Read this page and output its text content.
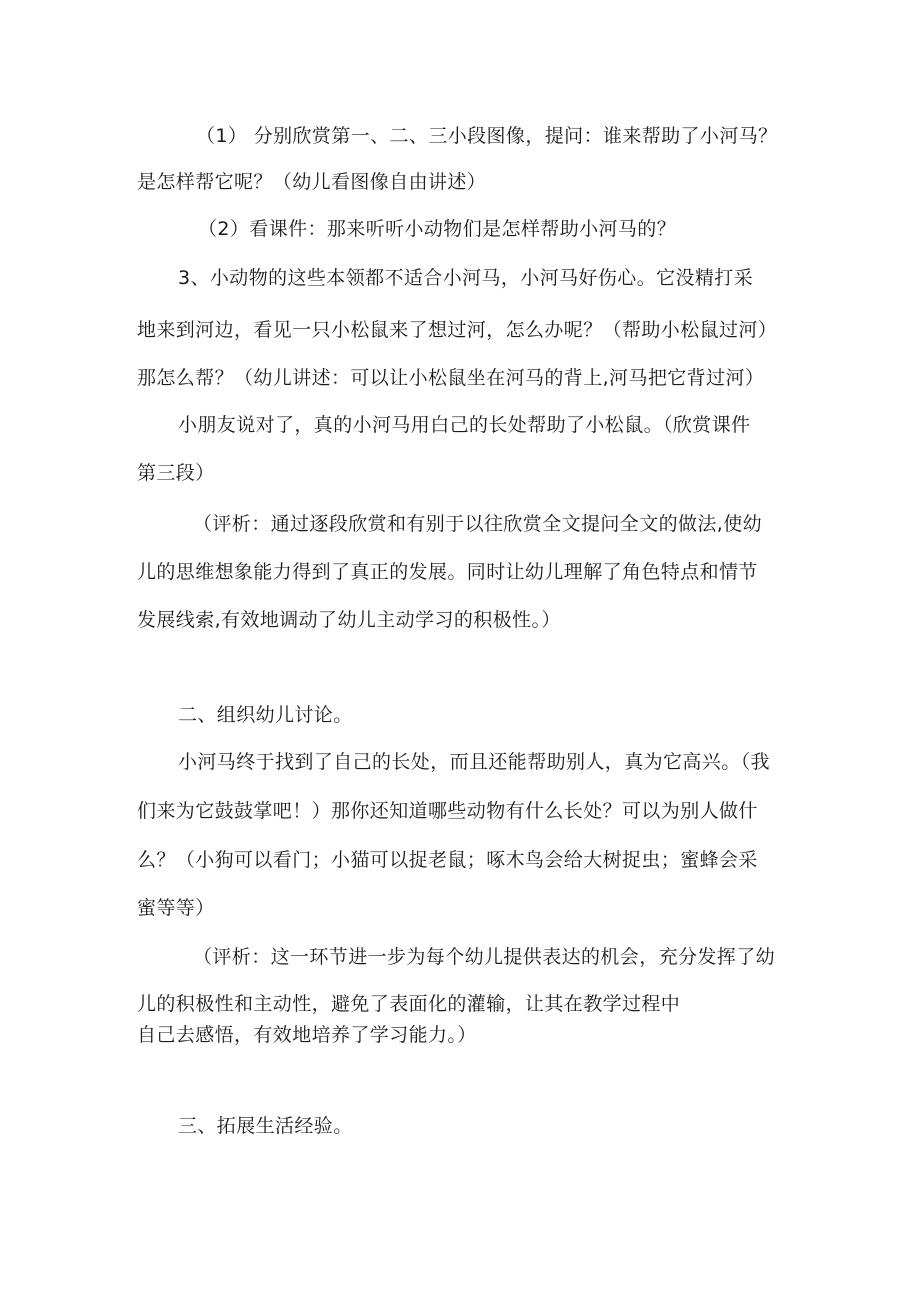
（1） 分别欣赏第一、二、三小段图像，提问：谁来帮助了小河马？
是怎样帮它呢？（幼儿看图像自由讲述）
（2）看课件：那来听听小动物们是怎样帮助小河马的？
3、小动物的这些本领都不适合小河马，小河马好伤心。它没精打采
地来到河边，看见一只小松鼠来了想过河，怎么办呢？（帮助小松鼠过河）
那怎么帮？（幼儿讲述：可以让小松鼠坐在河马的背上,河马把它背过河）
小朋友说对了，真的小河马用白己的长处帮助了小松鼠。（欣赏课件
第三段）
（评析：通过逐段欣赏和有别于以往欣赏全文提问全文的做法,使幼
儿的思维想象能力得到了真正的发展。同时让幼儿理解了角色特点和情节
发展线索,有效地调动了幼儿主动学习的积极性。）
二、组织幼儿讨论。
小河马终于找到了自己的长处，而且还能帮助别人，真为它高兴。（我
们来为它鼓鼓掌吧！）那你还知道哪些动物有什么长处？可以为别人做什
么？（小狗可以看门；小猫可以捉老鼠；啄木鸟会给大树捉虫；蜜蜂会采
蜜等等）
（评析：这一环节进一步为每个幼儿提供表达的机会，充分发挥了幼
儿的积极性和主动性，避免了表面化的灌输，让其在教学过程中
自己去感悟，有效地培养了学习能力。）
三、拓展生活经验。
